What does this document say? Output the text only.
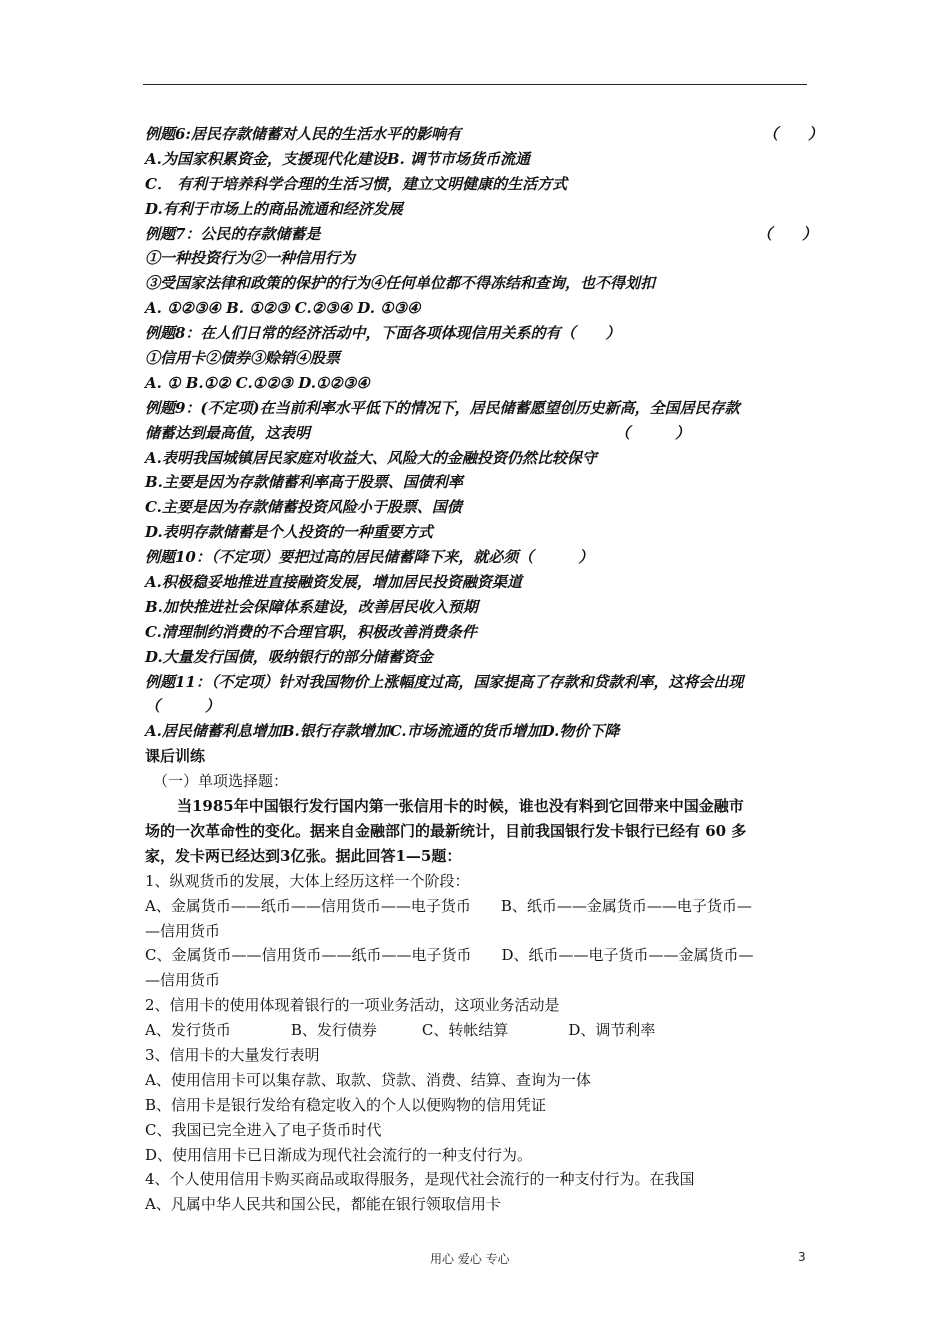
例题6:居民存款储蓄对人民的生活水平的影响有	（　　）
A.为国家积累资金，支援现代化建设B. 调节市场货币流通
C． 有利于培养科学合理的生活习惯，建立文明健康的生活方式
D.有利于市场上的商品流通和经济发展
例题7：公民的存款储蓄是	（　　）
①一种投资行为②一种信用行为
③受国家法律和政策的保护的行为④任何单位都不得冻结和查询，也不得划扣
A. ①②③④ B. ①②③ C.②③④ D. ①③④
例题8：在人们日常的经济活动中，下面各项体现信用关系的有（　　）
①信用卡②债券③赊销④股票
A. ① B.①② C.①②③ D.①②③④
例题9：(不定项)在当前利率水平低下的情况下，居民储蓄愿望创历史新高，全国居民存款
储蓄达到最高值，这表明	（　　　）
A.表明我国城镇居民家庭对收益大、风险大的金融投资仍然比较保守
B.主要是因为存款储蓄利率高于股票、国债利率
C.主要是因为存款储蓄投资风险小于股票、国债
D.表明存款储蓄是个人投资的一种重要方式
例题10：（不定项）要把过高的居民储蓄降下来，就必须（　　　）
A.积极稳妥地推进直接融资发展，增加居民投资融资渠道
B.加快推进社会保障体系建设，改善居民收入预期
C.清理制约消费的不合理官职，积极改善消费条件
D.大量发行国债，吸纳银行的部分储蓄资金
例题11：（不定项）针对我国物价上涨幅度过高，国家提高了存款和贷款利率，这将会出现
（　　　）
A.居民储蓄利息增加B.银行存款增加C.市场流通的货币增加D.物价下降
课后训练
（一）单项选择题：
当1985年中国银行发行国内第一张信用卡的时候，谁也没有料到它回带来中国金融市
场的一次革命性的变化。据来自金融部门的最新统计，目前我国银行发卡银行已经有 60 多
家，发卡两已经达到3亿张。据此回答1—5题：
1、纵观货币的发展，大体上经历这样一个阶段：
A、金属货币——纸币——信用货币——电子货币　　B、纸币——金属货币——电子货币—
—信用货币
C、金属货币——信用货币——纸币——电子货币　　D、纸币——电子货币——金属货币—
—信用货币
2、信用卡的使用体现着银行的一项业务活动，这项业务活动是
A、发行货币　　　　B、发行债券　　　C、转帐结算　　　　D、调节利率
3、信用卡的大量发行表明
A、使用信用卡可以集存款、取款、贷款、消费、结算、查询为一体
B、信用卡是银行发给有稳定收入的个人以便购物的信用凭证
C、我国已完全进入了电子货币时代
D、使用信用卡已日渐成为现代社会流行的一种支付行为。
4、个人使用信用卡购买商品或取得服务，是现代社会流行的一种支付行为。在我国
A、凡属中华人民共和国公民，都能在银行领取信用卡
用心 爱心 专心	3
